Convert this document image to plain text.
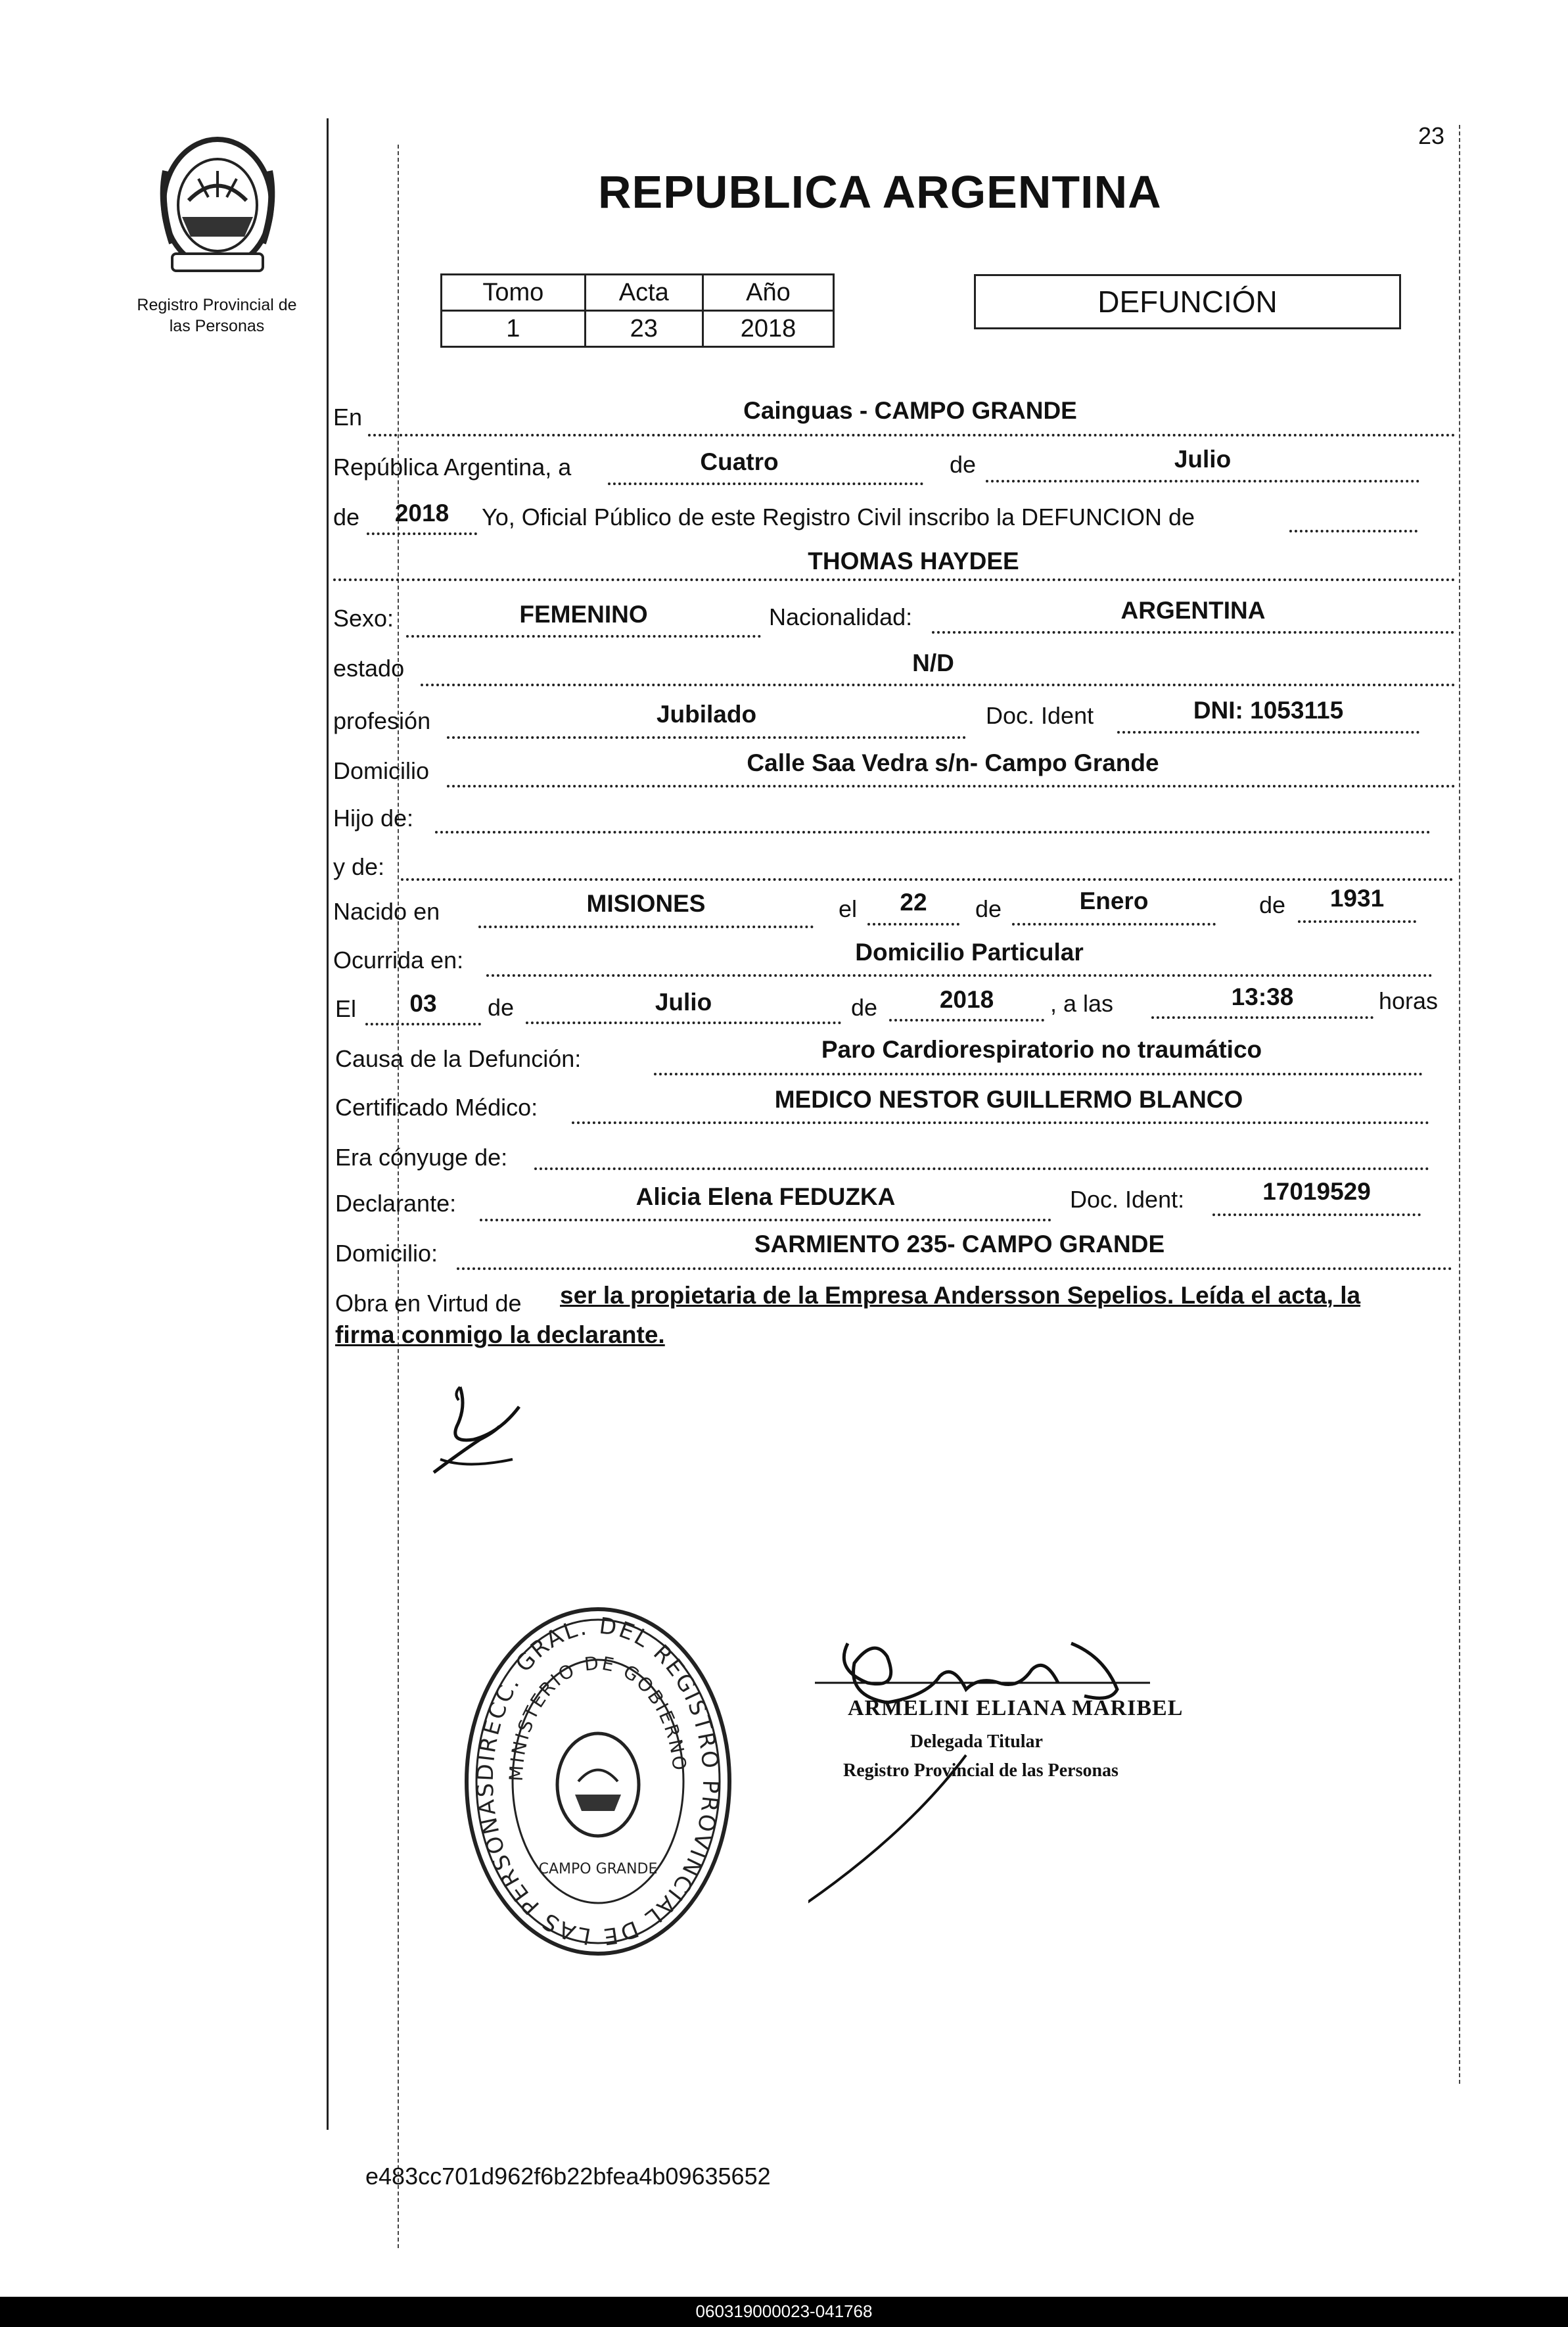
23
Registro Provincial de
las Personas
REPUBLICA ARGENTINA
Tomo	Acta	Año
1	23	2018
DEFUNCIÓN
En	Cainguas - CAMPO GRANDE
República Argentina, a	Cuatro	de	Julio
de	2018	Yo, Oficial Público de este Registro Civil inscribo la DEFUNCION de
THOMAS HAYDEE
Sexo:	FEMENINO	Nacionalidad:	ARGENTINA
estado	N/D
profesión	Jubilado	Doc. Ident	DNI: 1053115
Domicilio	Calle Saa Vedra s/n- Campo Grande
Hijo de:
y de:
Nacido en	MISIONES	el	22	de	Enero	de	1931
Ocurrida en:	Domicilio Particular
El	03	de	Julio	de	2018	, a las	13:38	horas
Causa de la Defunción:	Paro Cardiorespiratorio no traumático
Certificado Médico:	MEDICO NESTOR GUILLERMO BLANCO
Era cónyuge de:
Declarante:	Alicia Elena FEDUZKA	Doc. Ident:	17019529
Domicilio:	SARMIENTO 235- CAMPO GRANDE
Obra en Virtud de ser la propietaria de la Empresa Andersson Sepelios. Leída el acta, la
firma conmigo la declarante.
DIRECC. GRAL. DEL REGISTRO PROVINCIAL DE LAS PERSONAS
MINISTERIO DE GOBIERNO
CAMPO GRANDE
ARMELINI ELIANA MARIBEL
Delegada Titular
Registro Provincial de las Personas
e483cc701d962f6b22bfea4b09635652
060319000023-041768
